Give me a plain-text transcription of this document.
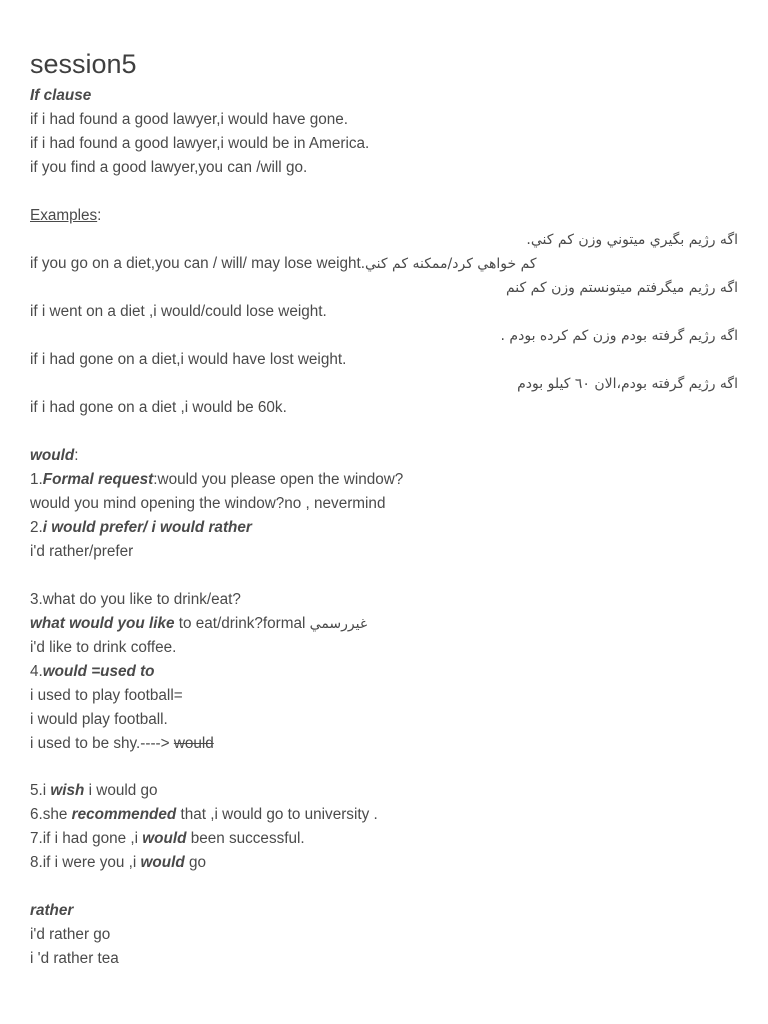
session5
If clause
if i had found a good lawyer,i would have gone.
if i had found a good lawyer,i would be in America.
if you find a good lawyer,you can /will go.
Examples:
اگه رژيم بگيري ميتوني وزن كم كني.
if you go on a diet,you can / will/ may lose weight.كم خواهي كرد/ممكنه كم كني
اگه رژيم ميگرفتم ميتونستم وزن كم كنم
if i went on a diet ,i would/could lose weight.
اگه رژيم گرفته بودم وزن كم كرده بودم .
if i had gone on a diet,i would have lost weight.
اگه رژيم گرفته بودم،الان ٦٠ كيلو بودم
if i had gone on a diet ,i would be 60k.
would:
1.Formal request:would you please open the window?
would you mind opening the window?no , nevermind
2.i would prefer/ i would rather
i'd rather/prefer
3.what do you like to drink/eat?
what would you like to eat/drink?formal غيررسمي
i'd like to drink coffee.
4.would =used to
i used to play football=
i would play football.
i used to be shy.----> would
5.i wish i would go
6.she recommended that ,i would go to university .
7.if i had gone ,i would been successful.
8.if i were you ,i would go
rather
i'd rather go
i 'd rather tea
